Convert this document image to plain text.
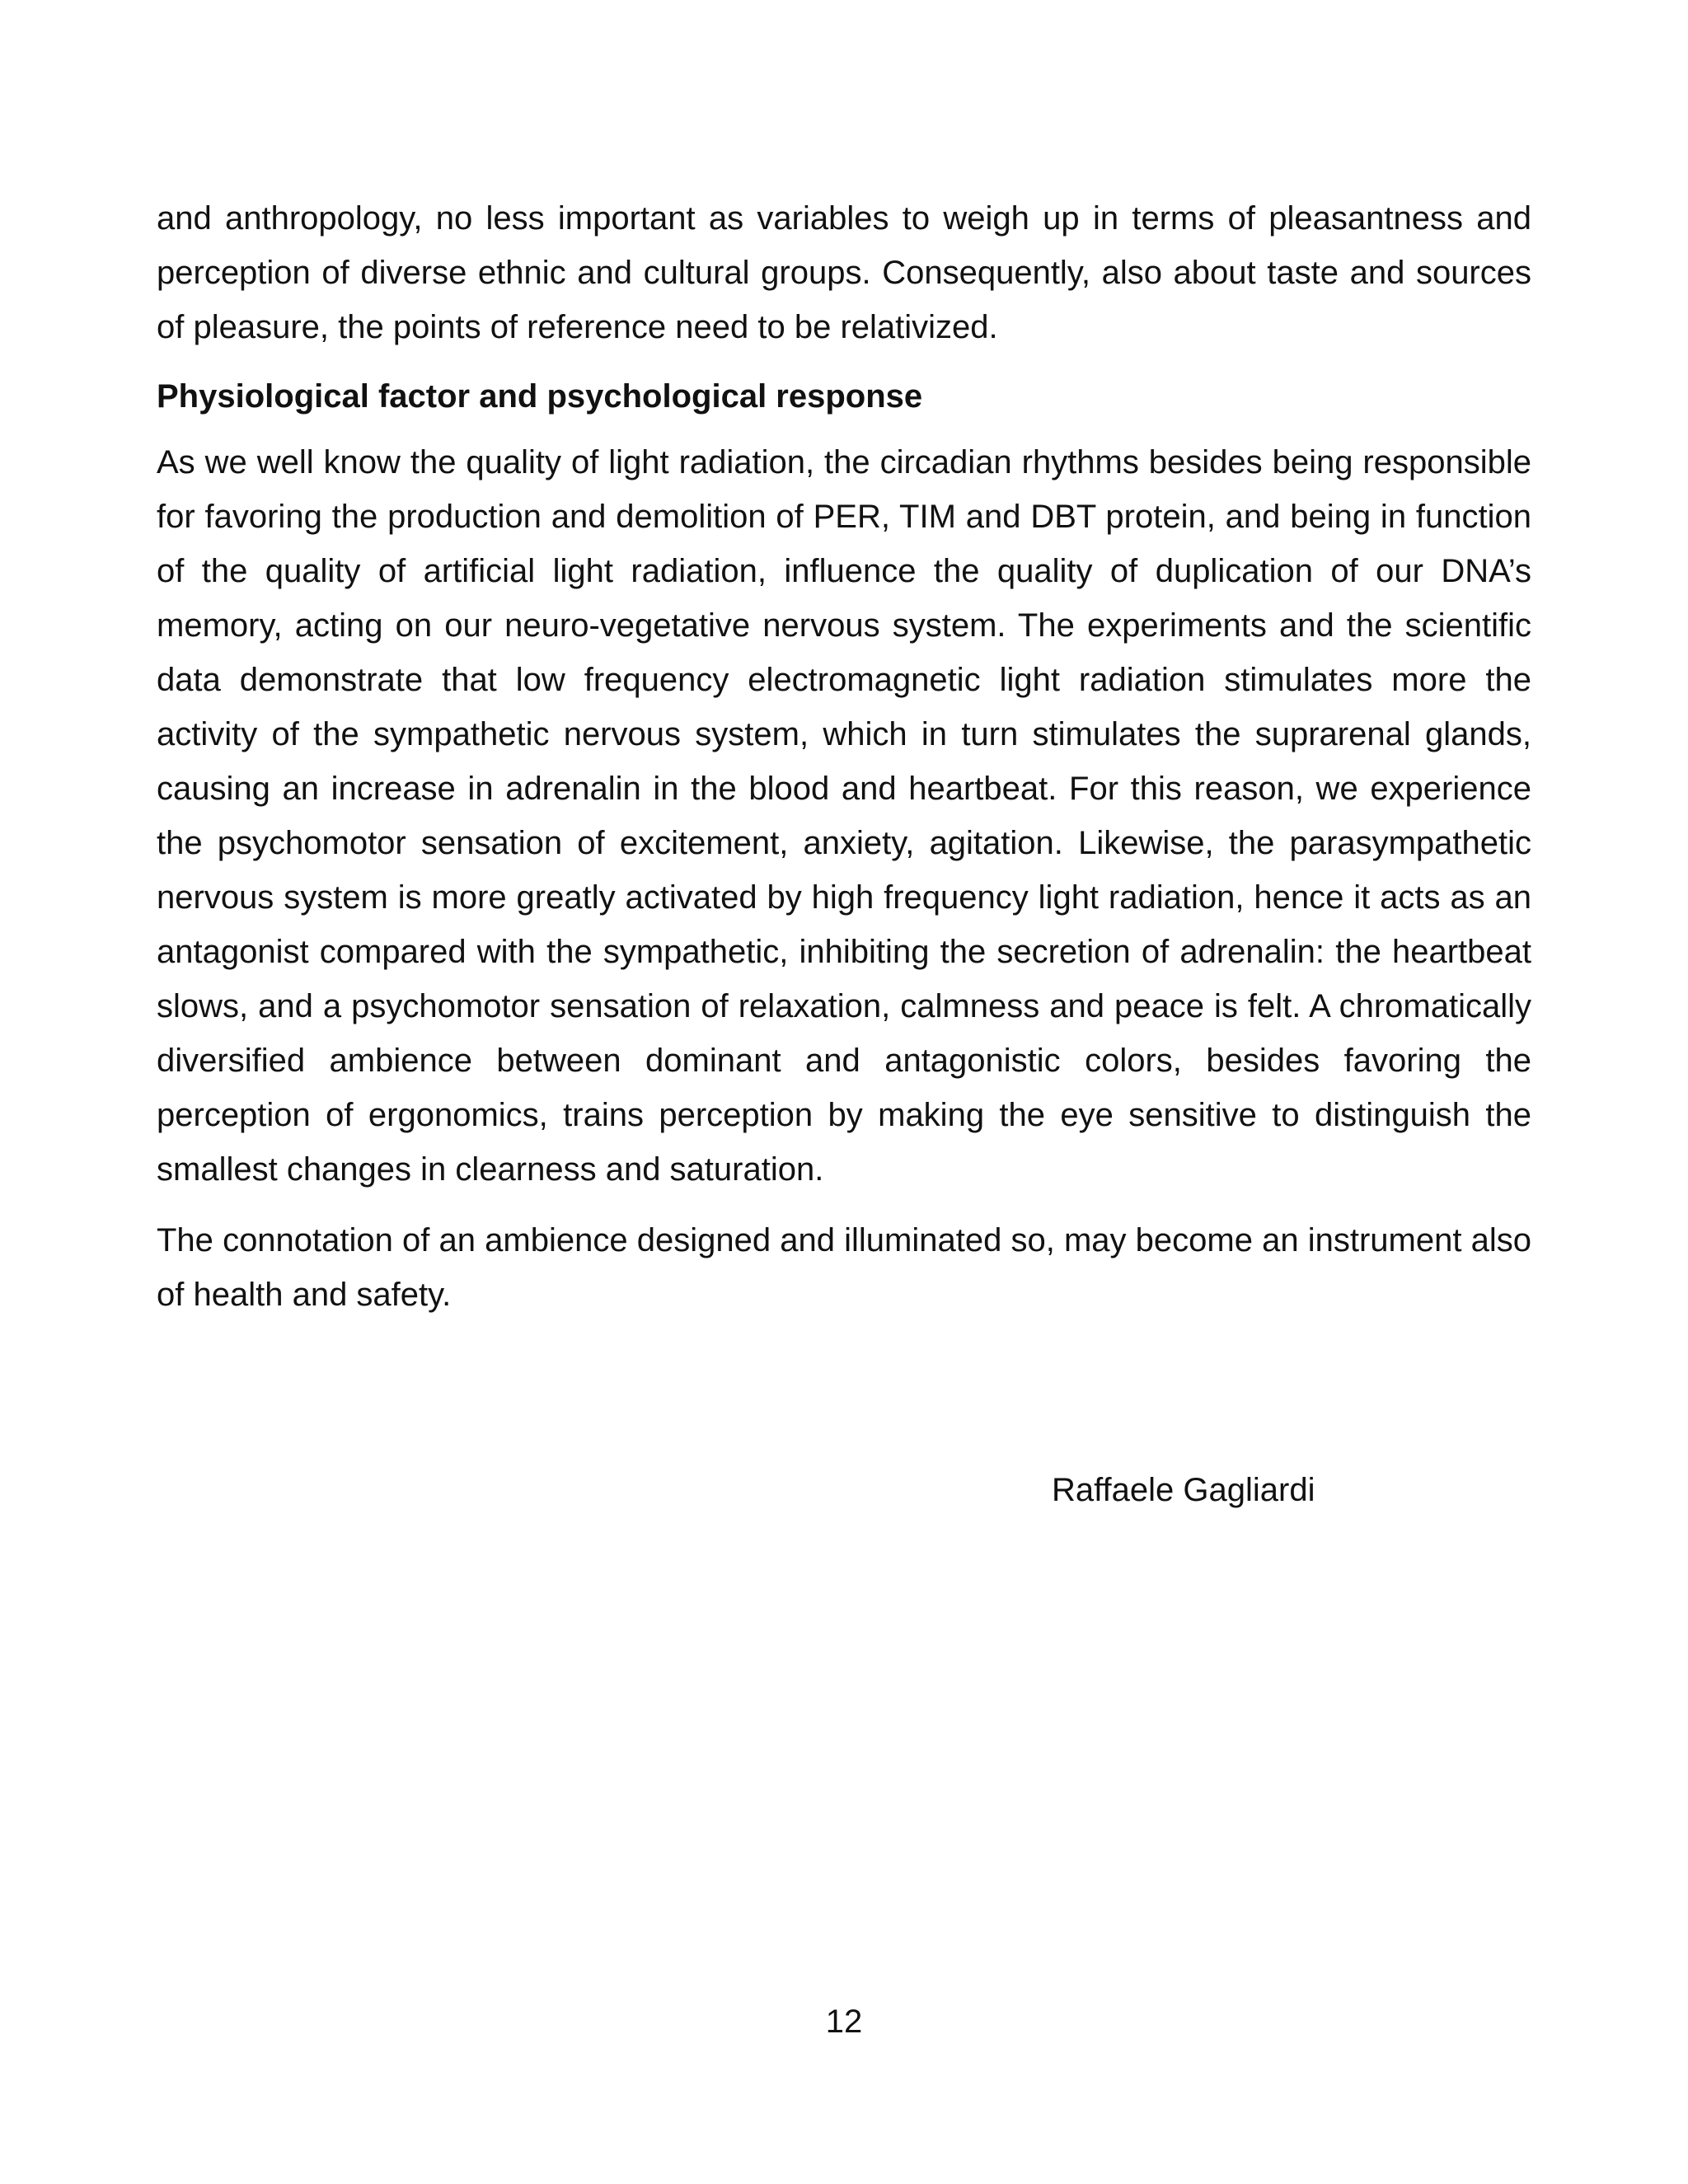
and anthropology, no less important as variables to weigh up in terms of pleasantness and perception of diverse ethnic and cultural groups. Consequently, also about taste and sources of pleasure, the points of reference need to be relativized.

Physiological factor and psychological response

As we well know the quality of light radiation, the circadian rhythms besides being responsible for favoring the production and demolition of PER, TIM and DBT protein, and being in function of the quality of artificial light radiation, influence the quality of duplication of our DNA’s memory, acting on our neuro-vegetative nervous system. The experiments and the scientific data demonstrate that low frequency electromagnetic light radiation stimulates more the activity of the sympathetic nervous system, which in turn stimulates the suprarenal glands, causing an increase in adrenalin in the blood and heartbeat. For this reason, we experience the psychomotor sensation of excitement, anxiety, agitation. Likewise, the parasympathetic nervous system is more greatly activated by high frequency light radiation, hence it acts as an antagonist compared with the sympathetic, inhibiting the secretion of adrenalin: the heartbeat slows, and a psychomotor sensation of relaxation, calmness and peace is felt. A chromatically diversified ambience between dominant and antagonistic colors, besides favoring the perception of ergonomics, trains perception by making the eye sensitive to distinguish the smallest changes in clearness and saturation.

The connotation of an ambience designed and illuminated so, may become an instrument also of health and safety.

Raffaele Gagliardi
12
